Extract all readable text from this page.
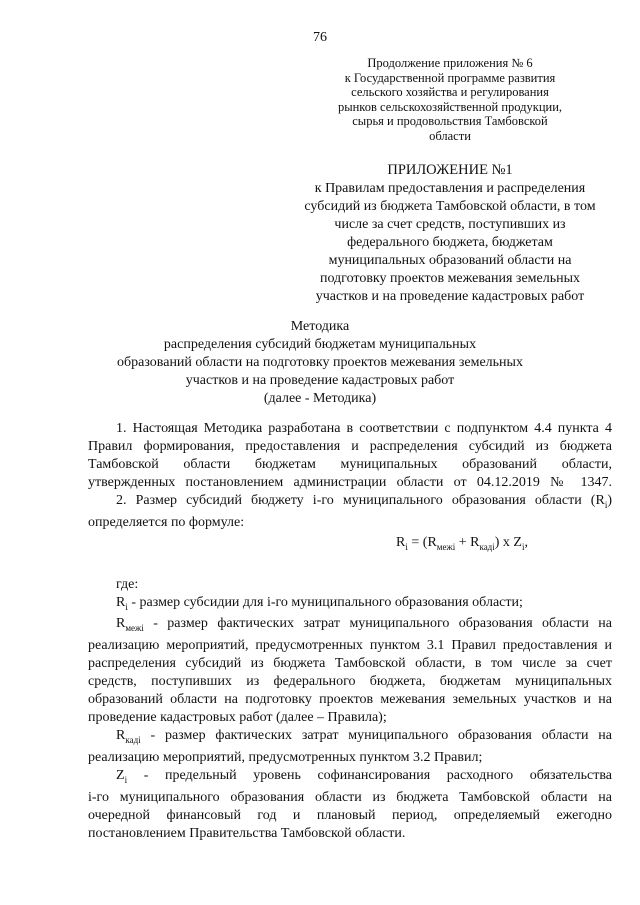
76
Продолжение приложения № 6
к Государственной программе развития
сельского хозяйства и регулирования
рынков сельскохозяйственной продукции,
сырья и продовольствия Тамбовской
области
ПРИЛОЖЕНИЕ №1
к Правилам предоставления и распределения
субсидий из бюджета Тамбовской области, в том
числе за счет средств, поступивших из
федерального бюджета, бюджетам
муниципальных образований области на
подготовку проектов межевания земельных
участков и на проведение кадастровых работ
Методика
распределения субсидий бюджетам муниципальных
образований области на подготовку проектов межевания земельных
участков и на проведение кадастровых работ
(далее - Методика)
1. Настоящая Методика разработана в соответствии с подпунктом 4.4 пункта 4
Правил формирования, предоставления и распределения субсидий из бюджета
Тамбовской области бюджетам муниципальных образований области,
утвержденных постановлением администрации области от 04.12.2019 № 1347.
2. Размер субсидий бюджету i-го муниципального образования области $(R_i)$
определяется по формуле:
$R_i = (R_{межі} + R_{кадi})$ x $Z_i$,
где:
$R_i$ - размер субсидии для i-го муниципального образования области;
$R_{межі}$ - размер фактических затрат муниципального образования области на
реализацию мероприятий, предусмотренных пунктом 3.1 Правил предоставления и
распределения субсидий из бюджета Тамбовской области, в том числе за счет
средств, поступивших из федерального бюджета, бюджетам муниципальных
образований области на подготовку проектов межевания земельных участков и на
проведение кадастровых работ (далее – Правила);
$R_{кадi}$ - размер фактических затрат муниципального образования области на
реализацию мероприятий, предусмотренных пунктом 3.2 Правил;
$Z_i$ - предельный уровень софинансирования расходного обязательства
i-го муниципального образования области из бюджета Тамбовской области на
очередной финансовый год и плановый период, определяемый ежегодно
постановлением Правительства Тамбовской области.
